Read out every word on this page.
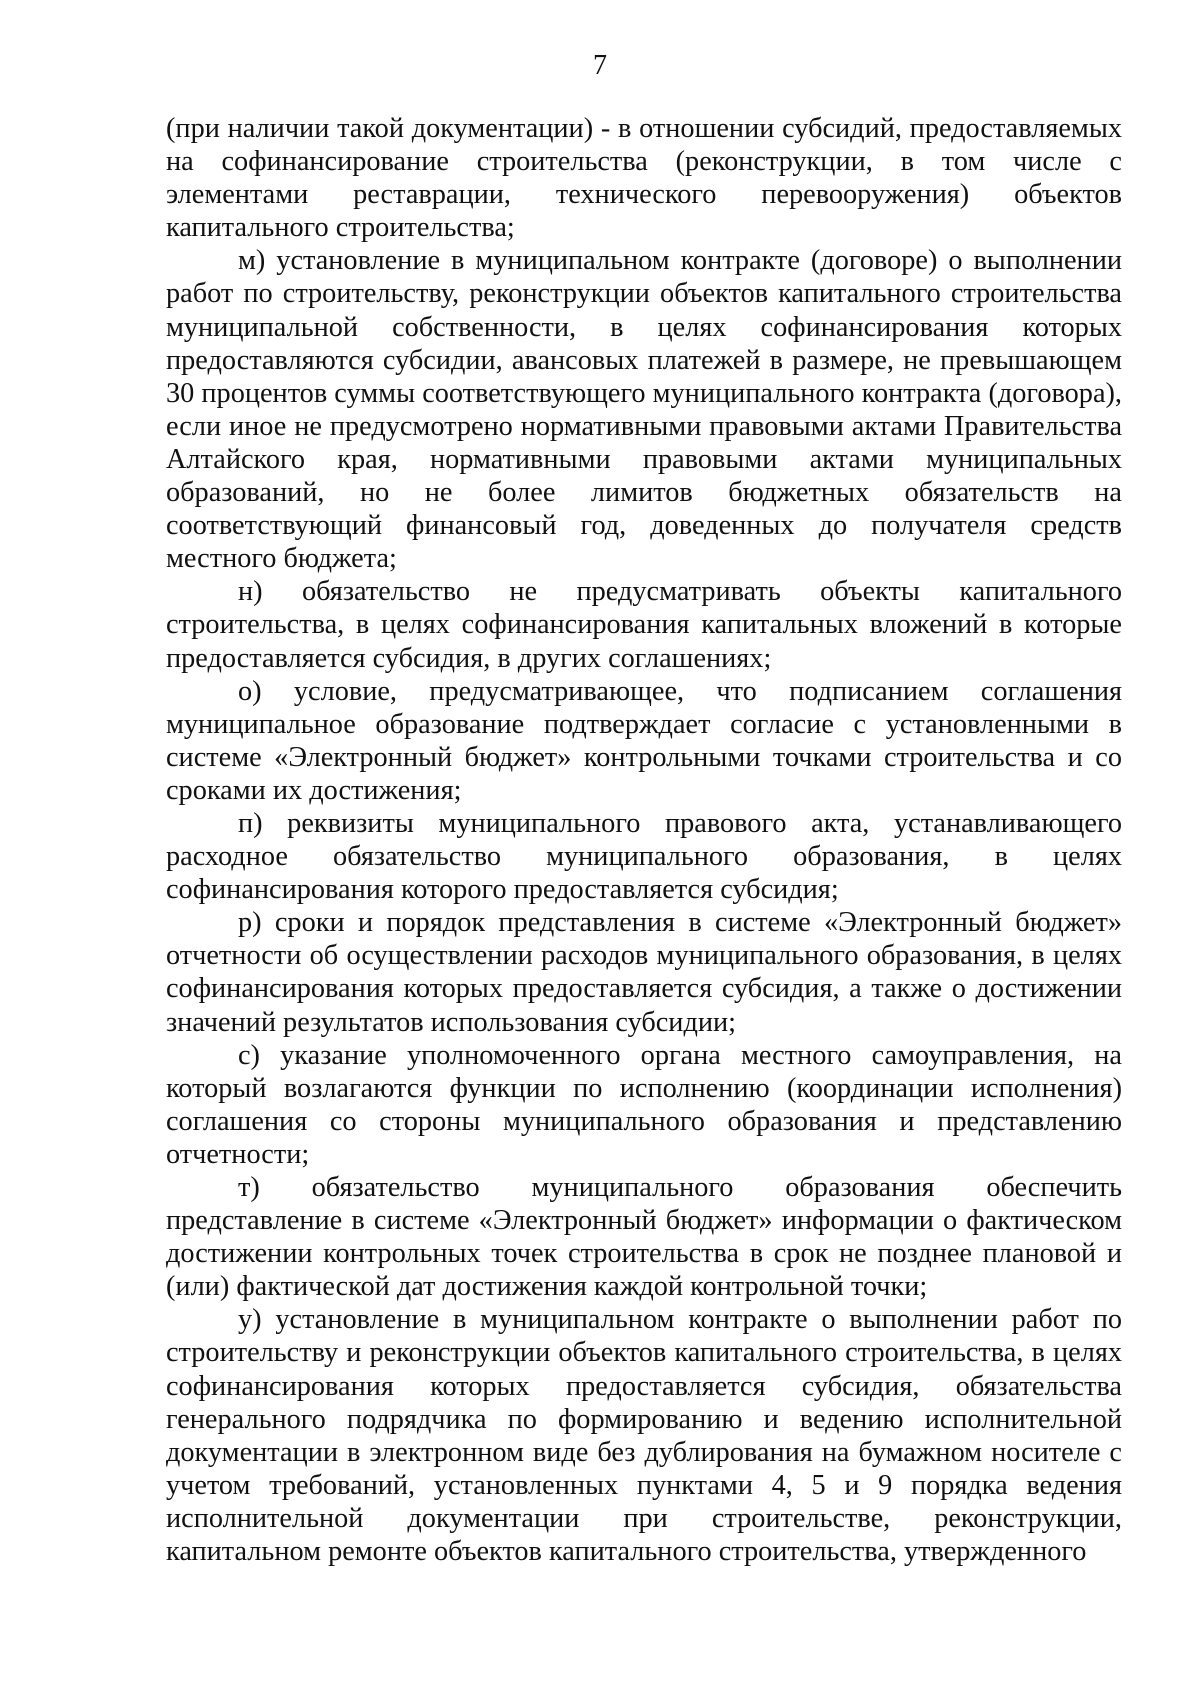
7

(при наличии такой документации) - в отношении субсидий, предоставляемых на софинансирование строительства (реконструкции, в том числе с элементами реставрации, технического перевооружения) объектов капитального строительства;

м) установление в муниципальном контракте (договоре) о выполнении работ по строительству, реконструкции объектов капитального строительства муниципальной собственности, в целях софинансирования которых предоставляются субсидии, авансовых платежей в размере, не превышающем 30 процентов суммы соответствующего муниципального контракта (договора), если иное не предусмотрено нормативными правовыми актами Правительства Алтайского края, нормативными правовыми актами муниципальных образований, но не более лимитов бюджетных обязательств на соответствующий финансовый год, доведенных до получателя средств местного бюджета;

н) обязательство не предусматривать объекты капитального строительства, в целях софинансирования капитальных вложений в которые предоставляется субсидия, в других соглашениях;

о) условие, предусматривающее, что подписанием соглашения муниципальное образование подтверждает согласие с установленными в системе «Электронный бюджет» контрольными точками строительства и со сроками их достижения;

п) реквизиты муниципального правового акта, устанавливающего расходное обязательство муниципального образования, в целях софинансирования которого предоставляется субсидия;

р) сроки и порядок представления в системе «Электронный бюджет» отчетности об осуществлении расходов муниципального образования, в целях софинансирования которых предоставляется субсидия, а также о достижении значений результатов использования субсидии;

с) указание уполномоченного органа местного самоуправления, на который возлагаются функции по исполнению (координации исполнения) соглашения со стороны муниципального образования и представлению отчетности;

т) обязательство муниципального образования обеспечить представление в системе «Электронный бюджет» информации о фактическом достижении контрольных точек строительства в срок не позднее плановой и (или) фактической дат достижения каждой контрольной точки;

у) установление в муниципальном контракте о выполнении работ по строительству и реконструкции объектов капитального строительства, в целях софинансирования которых предоставляется субсидия, обязательства генерального подрядчика по формированию и ведению исполнительной документации в электронном виде без дублирования на бумажном носителе с учетом требований, установленных пунктами 4, 5 и 9 порядка ведения исполнительной документации при строительстве, реконструкции, капитальном ремонте объектов капитального строительства, утвержденного
